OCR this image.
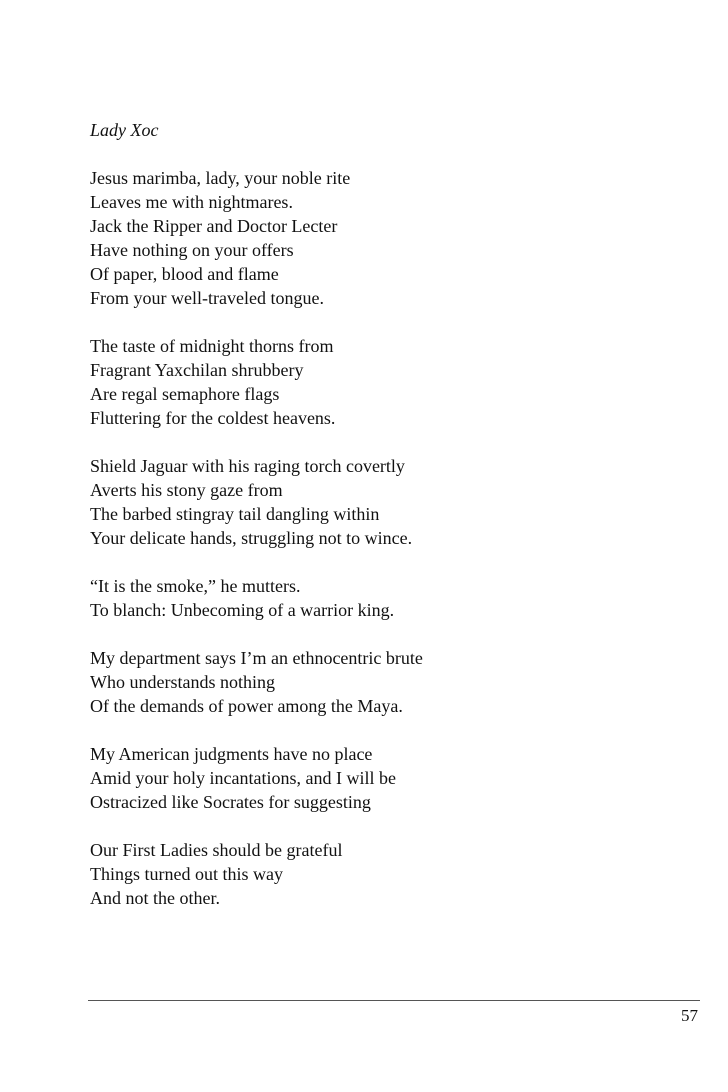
Lady Xoc
Jesus marimba, lady, your noble rite
Leaves me with nightmares.
Jack the Ripper and Doctor Lecter
Have nothing on your offers
Of paper, blood and flame
From your well-traveled tongue.
The taste of midnight thorns from
Fragrant Yaxchilan shrubbery
Are regal semaphore flags
Fluttering for the coldest heavens.
Shield Jaguar with his raging torch covertly
Averts his stony gaze from
The barbed stingray tail dangling within
Your delicate hands, struggling not to wince.
“It is the smoke,” he mutters.
To blanch: Unbecoming of a warrior king.
My department says I’m an ethnocentric brute
Who understands nothing
Of the demands of power among the Maya.
My American judgments have no place
Amid your holy incantations, and I will be
Ostracized like Socrates for suggesting
Our First Ladies should be grateful
Things turned out this way
And not the other.
57
